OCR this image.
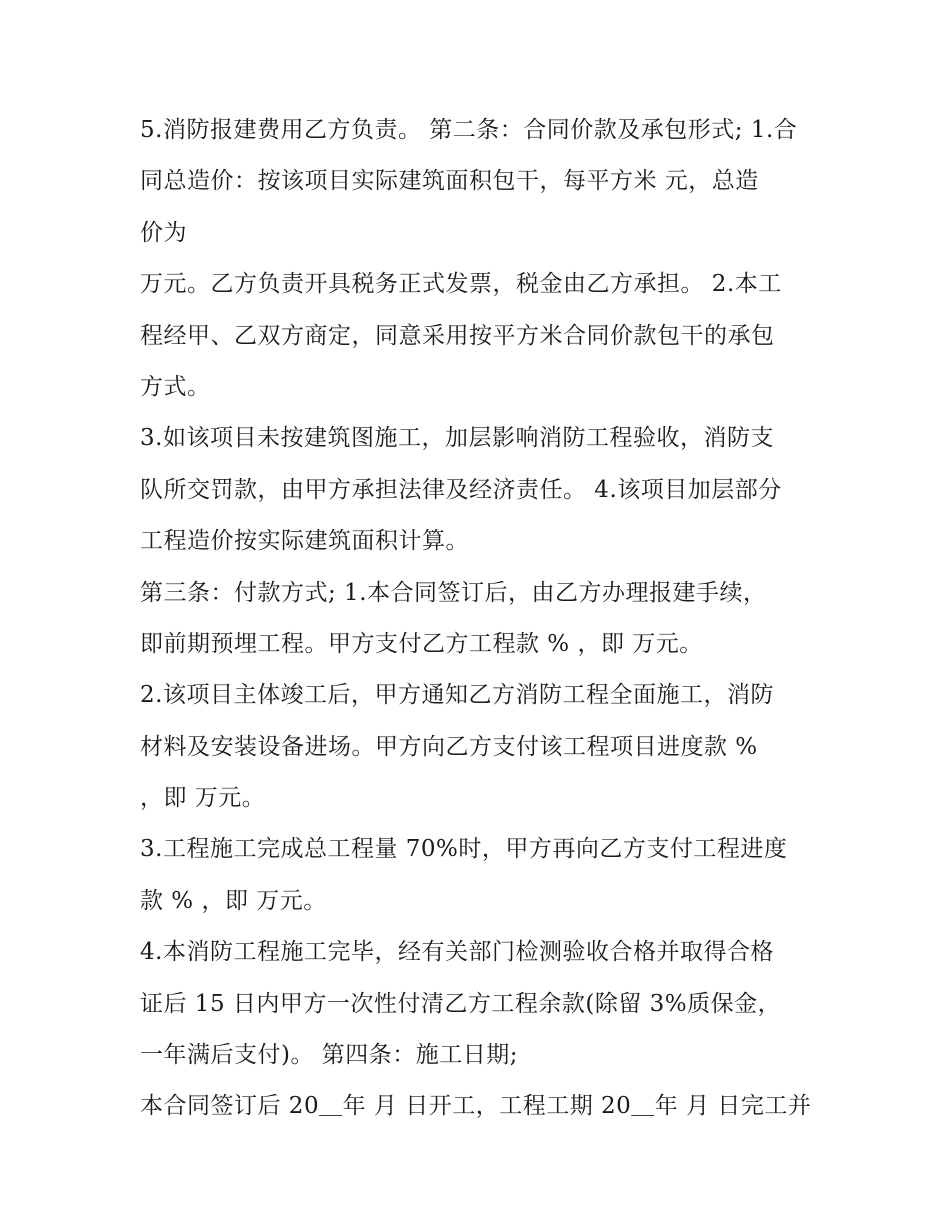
5.消防报建费用乙方负责。 第二条：合同价款及承包形式; 1.合
同总造价：按该项目实际建筑面积包干，每平方米 元，总造
价为
万元。乙方负责开具税务正式发票，税金由乙方承担。 2.本工
程经甲、乙双方商定，同意采用按平方米合同价款包干的承包
方式。
3.如该项目未按建筑图施工，加层影响消防工程验收，消防支
队所交罚款，由甲方承担法律及经济责任。 4.该项目加层部分
工程造价按实际建筑面积计算。
第三条：付款方式; 1.本合同签订后，由乙方办理报建手续，
即前期预埋工程。甲方支付乙方工程款 % ，即 万元。
2.该项目主体竣工后，甲方通知乙方消防工程全面施工，消防
材料及安装设备进场。甲方向乙方支付该工程项目进度款 %
，即 万元。
3.工程施工完成总工程量 70%时，甲方再向乙方支付工程进度
款 % ，即 万元。
4.本消防工程施工完毕，经有关部门检测验收合格并取得合格
证后 15 日内甲方一次性付清乙方工程余款(除留 3%质保金，
一年满后支付)。 第四条：施工日期;
本合同签订后 20＿年 月 日开工，工程工期 20＿年 月 日完工并
